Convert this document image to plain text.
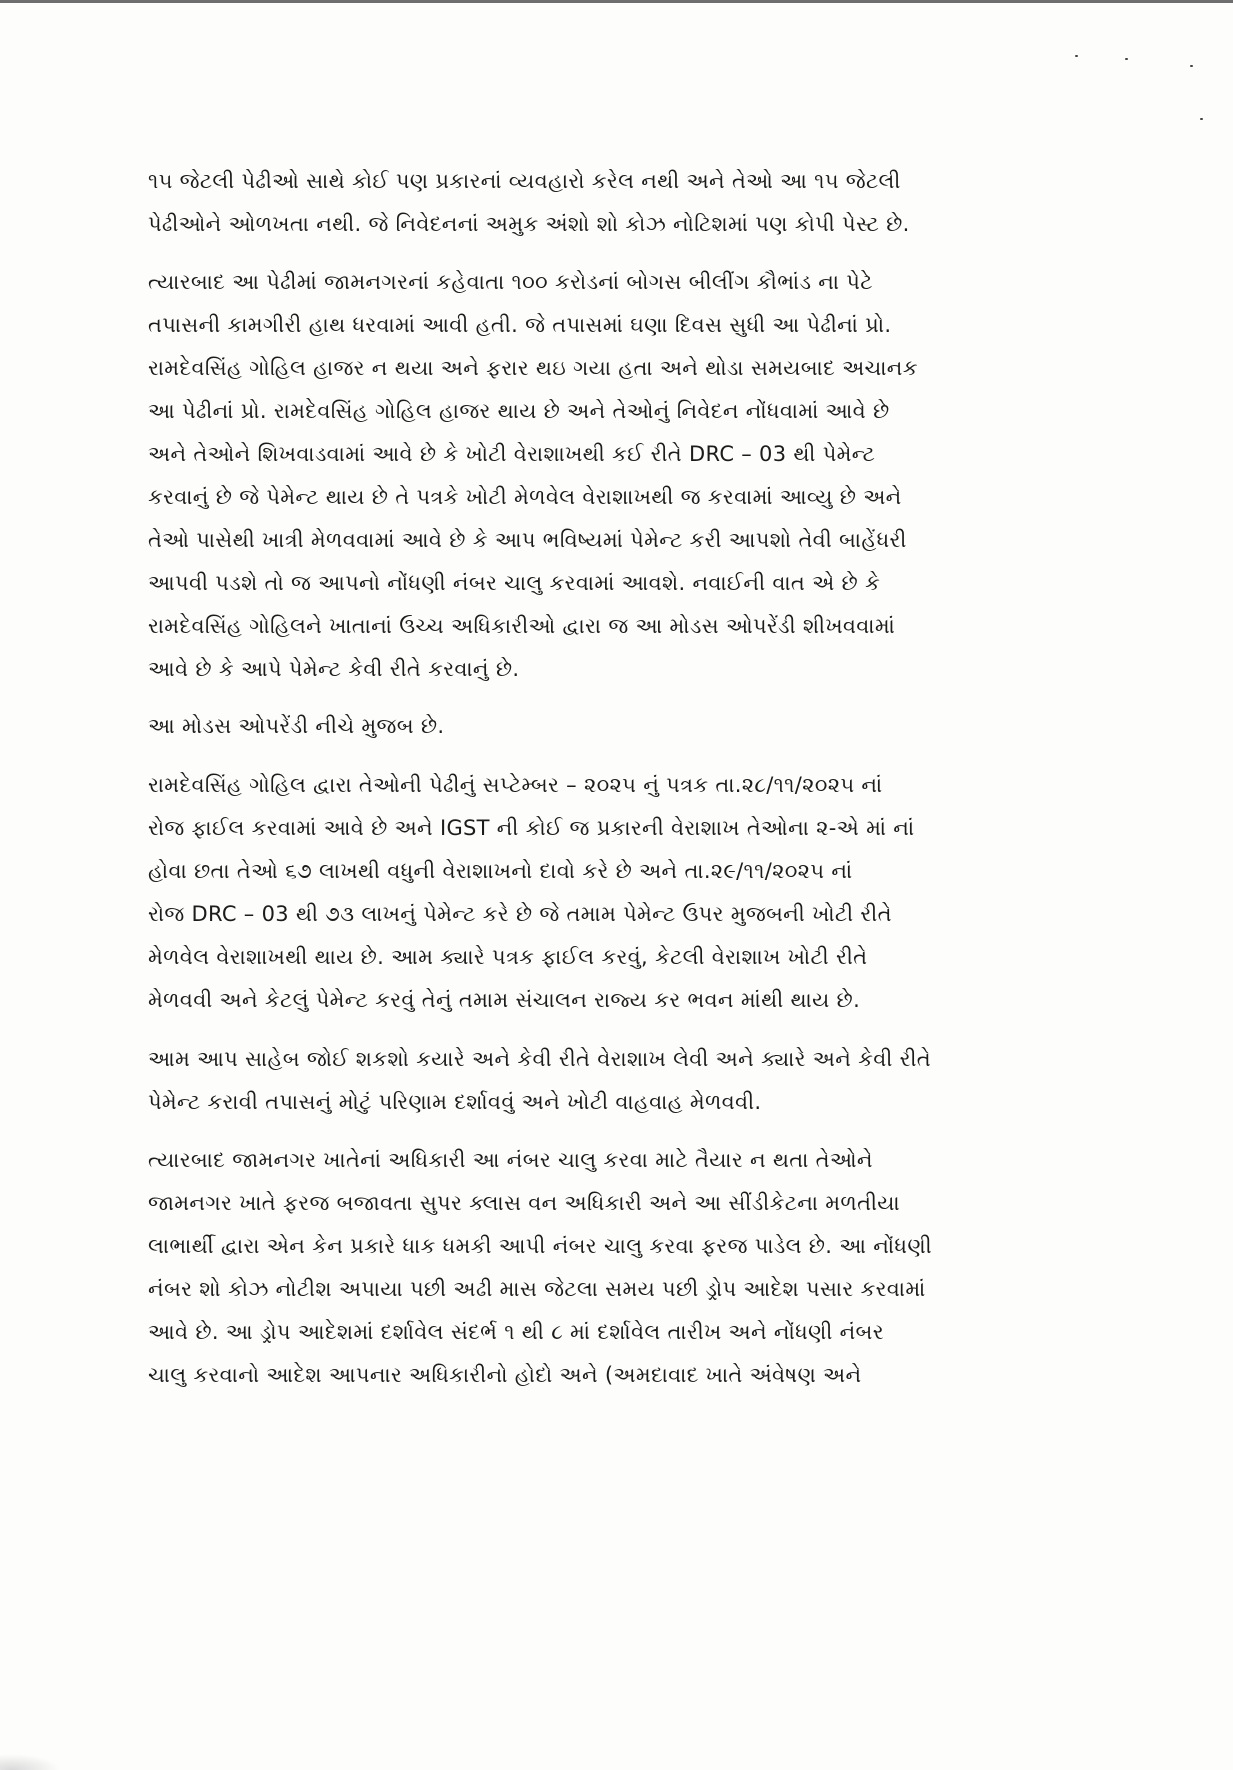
૧૫ જેટલી પેઢીઓ સાથે કોઈ પણ પ્રકારનાં વ્યવહારો કરેલ નથી અને તેઓ આ ૧૫ જેટલી
પેઢીઓને ઓળખતા નથી. જે નિવેદનનાં અમુક અંશો શો કોઝ નોટિશમાં પણ કોપી પેસ્ટ છે.

ત્યારબાદ આ પેઢીમાં જામનગરનાં કહેવાતા ૧૦૦ કરોડનાં બોગસ બીલીંગ કૌભાંડ ના પેટે
તપાસની કામગીરી હાથ ધરવામાં આવી હતી. જે તપાસમાં ઘણા દિવસ સુધી આ પેઢીનાં પ્રો.
રામદેવસિંહ ગોહિલ હાજર ન થયા અને ફરાર થઇ ગયા હતા અને થોડા સમયબાદ અચાનક
આ પેઢીનાં પ્રો. રામદેવસિંહ ગોહિલ હાજર થાય છે અને તેઓનું નિવેદન નોંધવામાં આવે છે
અને તેઓને શિખવાડવામાં આવે છે કે ખોટી વેરાશાખથી કઈ રીતે DRC – 03 થી પેમેન્ટ
કરવાનું છે જે પેમેન્ટ થાય છે તે પત્રકે ખોટી મેળવેલ વેરાશાખથી જ કરવામાં આવ્યુ છે અને
તેઓ પાસેથી ખાત્રી મેળવવામાં આવે છે કે આપ ભવિષ્યમાં પેમેન્ટ કરી આપશો તેવી બાહેંધરી
આપવી પડશે તો જ આપનો નોંધણી નંબર ચાલુ કરવામાં આવશે. નવાઈની વાત એ છે કે
રામદેવસિંહ ગોહિલને ખાતાનાં ઉચ્ચ અધિકારીઓ દ્વારા જ આ મોડસ ઓપરેંડી શીખવવામાં
આવે છે કે આપે પેમેન્ટ કેવી રીતે કરવાનું છે.

આ મોડસ ઓપરેંડી નીચે મુજબ છે.

રામદેવસિંહ ગોહિલ દ્વારા તેઓની પેઢીનું સપ્ટેમ્બર – ૨૦૨૫ નું પત્રક તા.૨૮/૧૧/૨૦૨૫ નાં
રોજ ફાઈલ કરવામાં આવે છે અને IGST ની કોઈ જ પ્રકારની વેરાશાખ તેઓના ૨-એ માં નાં
હોવા છતા તેઓ ૬૭ લાખથી વધુની વેરાશાખનો દાવો કરે છે અને તા.૨૯/૧૧/૨૦૨૫ નાં
રોજ DRC – 03 થી ૭૩ લાખનું પેમેન્ટ કરે છે જે તમામ પેમેન્ટ ઉપર મુજબની ખોટી રીતે
મેળવેલ વેરાશાખથી થાય છે. આમ ક્યારે પત્રક ફાઈલ કરવું, કેટલી વેરાશાખ ખોટી રીતે
મેળવવી અને કેટલું પેમેન્ટ કરવું તેનું તમામ સંચાલન રાજ્ય કર ભવન માંથી થાય છે.

આમ આપ સાહેબ જોઈ શકશો કયારે અને કેવી રીતે વેરાશાખ લેવી અને ક્યારે અને કેવી રીતે
પેમેન્ટ કરાવી તપાસનું મોટું પરિણામ દર્શાવવું અને ખોટી વાહવાહ મેળવવી.

ત્યારબાદ જામનગર ખાતેનાં અધિકારી આ નંબર ચાલુ કરવા માટે તૈયાર ન થતા તેઓને
જામનગર ખાતે ફરજ બજાવતા સુપર ક્લાસ વન અધિકારી અને આ સીંડીકેટના મળતીયા
લાભાર્થી દ્વારા એન કેન પ્રકારે ધાક ધમકી આપી નંબર ચાલુ કરવા ફરજ પાડેલ છે. આ નોંધણી
નંબર શો કોઝ નોટીશ અપાયા પછી અઢી માસ જેટલા સમય પછી ડ્રોપ આદેશ પસાર કરવામાં
આવે છે. આ ડ્રોપ આદેશમાં દર્શાવેલ સંદર્ભ ૧ થી ૮ માં દર્શાવેલ તારીખ અને નોંધણી નંબર
ચાલુ કરવાનો આદેશ આપનાર અધિકારીનો હોદો અને (અમદાવાદ ખાતે અંવેષણ અને
